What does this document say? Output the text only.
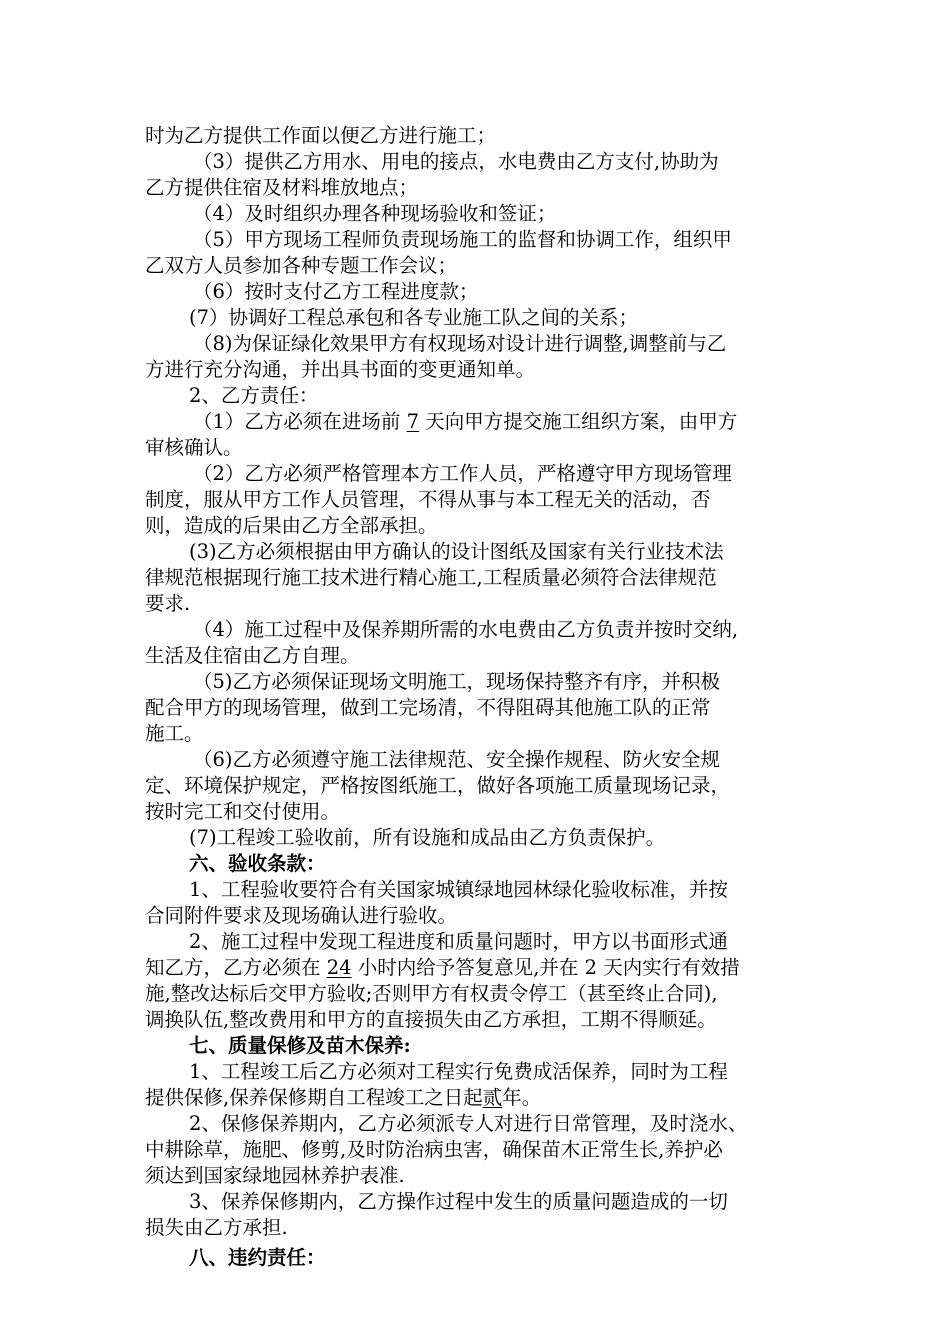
时为乙方提供工作面以便乙方进行施工；
（3）提供乙方用水、用电的接点，水电费由乙方支付,协助为
乙方提供住宿及材料堆放地点；
（4）及时组织办理各种现场验收和签证；
（5）甲方现场工程师负责现场施工的监督和协调工作，组织甲
乙双方人员参加各种专题工作会议；
（6）按时支付乙方工程进度款；
(7）协调好工程总承包和各专业施工队之间的关系；
（8)为保证绿化效果甲方有权现场对设计进行调整,调整前与乙
方进行充分沟通，并出具书面的变更通知单。
2、乙方责任：
（1）乙方必须在进场前 7 天向甲方提交施工组织方案，由甲方
审核确认。
（2）乙方必须严格管理本方工作人员，严格遵守甲方现场管理
制度，服从甲方工作人员管理，不得从事与本工程无关的活动，否
则，造成的后果由乙方全部承担。
(3)乙方必须根据由甲方确认的设计图纸及国家有关行业技术法
律规范根据现行施工技术进行精心施工,工程质量必须符合法律规范
要求.
（4）施工过程中及保养期所需的水电费由乙方负责并按时交纳,
生活及住宿由乙方自理。
（5)乙方必须保证现场文明施工，现场保持整齐有序，并积极
配合甲方的现场管理，做到工完场清，不得阻碍其他施工队的正常
施工。
（6)乙方必须遵守施工法律规范、安全操作规程、防火安全规
定、环境保护规定，严格按图纸施工，做好各项施工质量现场记录，
按时完工和交付使用。
(7)工程竣工验收前，所有设施和成品由乙方负责保护。
六、验收条款：
1、工程验收要符合有关国家城镇绿地园林绿化验收标准，并按
合同附件要求及现场确认进行验收。
2、施工过程中发现工程进度和质量问题时，甲方以书面形式通
知乙方，乙方必须在 24 小时内给予答复意见,并在 2 天内实行有效措
施,整改达标后交甲方验收;否则甲方有权责令停工（甚至终止合同),
调换队伍,整改费用和甲方的直接损失由乙方承担，工期不得顺延。
七、质量保修及苗木保养:
1、工程竣工后乙方必须对工程实行免费成活保养，同时为工程
提供保修,保养保修期自工程竣工之日起贰年。
2、保修保养期内，乙方必须派专人对进行日常管理，及时浇水、
中耕除草，施肥、修剪,及时防治病虫害，确保苗木正常生长,养护必
须达到国家绿地园林养护表准.
3、保养保修期内，乙方操作过程中发生的质量问题造成的一切
损失由乙方承担.
八、违约责任：
